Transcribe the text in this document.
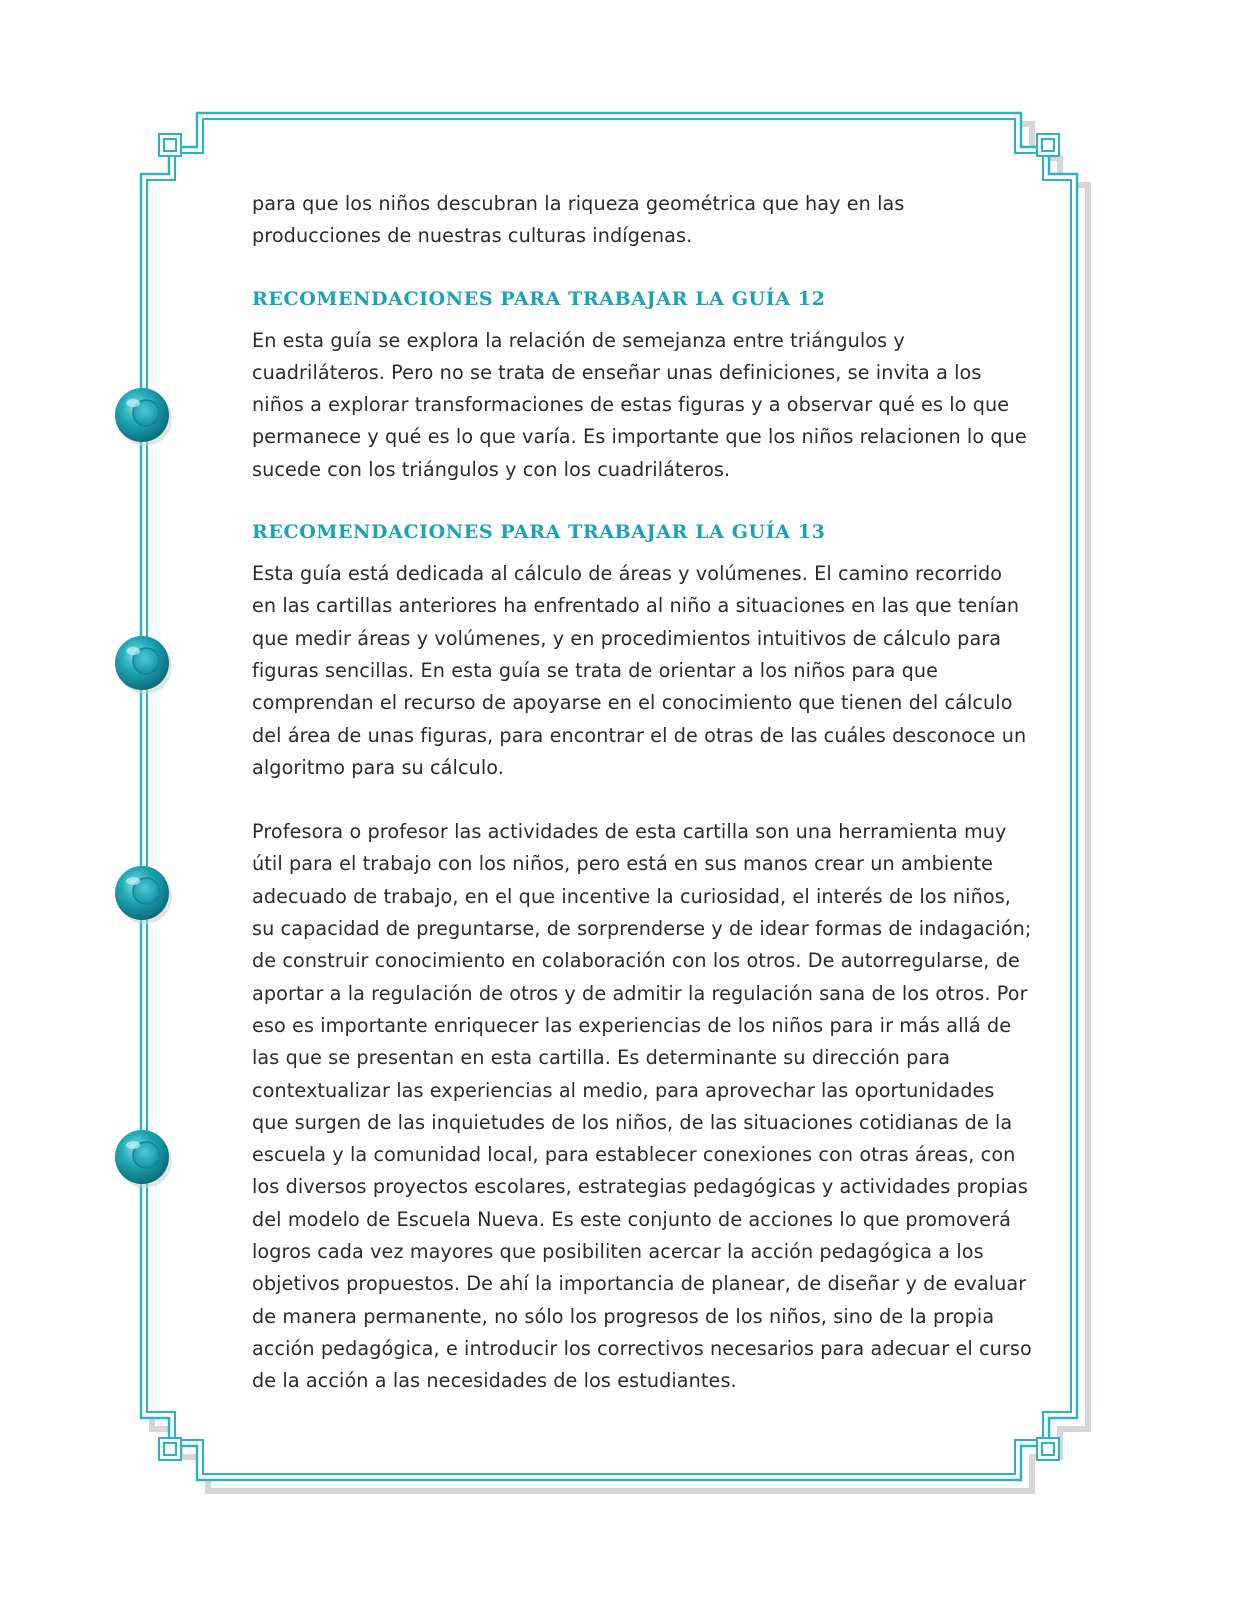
para que los niños descubran la riqueza geométrica que hay en las producciones de nuestras culturas indígenas.

RECOMENDACIONES PARA TRABAJAR LA GUÍA 12

En esta guía se explora la relación de semejanza entre triángulos y cuadriláteros. Pero no se trata de enseñar unas definiciones, se invita a los niños a explorar transformaciones de estas figuras y a observar qué es lo que permanece y qué es lo que varía. Es importante que los niños relacionen lo que sucede con los triángulos y con los cuadriláteros.

RECOMENDACIONES PARA TRABAJAR LA GUÍA 13

Esta guía está dedicada al cálculo de áreas y volúmenes. El camino recorrido en las cartillas anteriores ha enfrentado al niño a situaciones en las que tenían que medir áreas y volúmenes, y en procedimientos intuitivos de cálculo para figuras sencillas. En esta guía se trata de orientar a los niños para que comprendan el recurso de apoyarse en el conocimiento que tienen del cálculo del área de unas figuras, para encontrar el de otras de las cuáles desconoce un algoritmo para su cálculo.

Profesora o profesor las actividades de esta cartilla son una herramienta muy útil para el trabajo con los niños, pero está en sus manos crear un ambiente adecuado de trabajo, en el que incentive la curiosidad, el interés de los niños, su capacidad de preguntarse, de sorprenderse y de idear formas de indagación; de construir conocimiento en colaboración con los otros. De autorregularse, de aportar a la regulación de otros y de admitir la regulación sana de los otros. Por eso es importante enriquecer las experiencias de los niños para ir más allá de las que se presentan en esta cartilla. Es determinante su dirección para contextualizar las experiencias al medio, para aprovechar las oportunidades que surgen de las inquietudes de los niños, de las situaciones cotidianas de la escuela y la comunidad local, para establecer conexiones con otras áreas, con los diversos proyectos escolares, estrategias pedagógicas y actividades propias del modelo de Escuela Nueva. Es este conjunto de acciones lo que promoverá logros cada vez mayores que posibiliten acercar la acción pedagógica a los objetivos propuestos. De ahí la importancia de planear, de diseñar y de evaluar de manera permanente, no sólo los progresos de los niños, sino de la propia acción pedagógica, e introducir los correctivos necesarios para adecuar el curso de la acción a las necesidades de los estudiantes.
